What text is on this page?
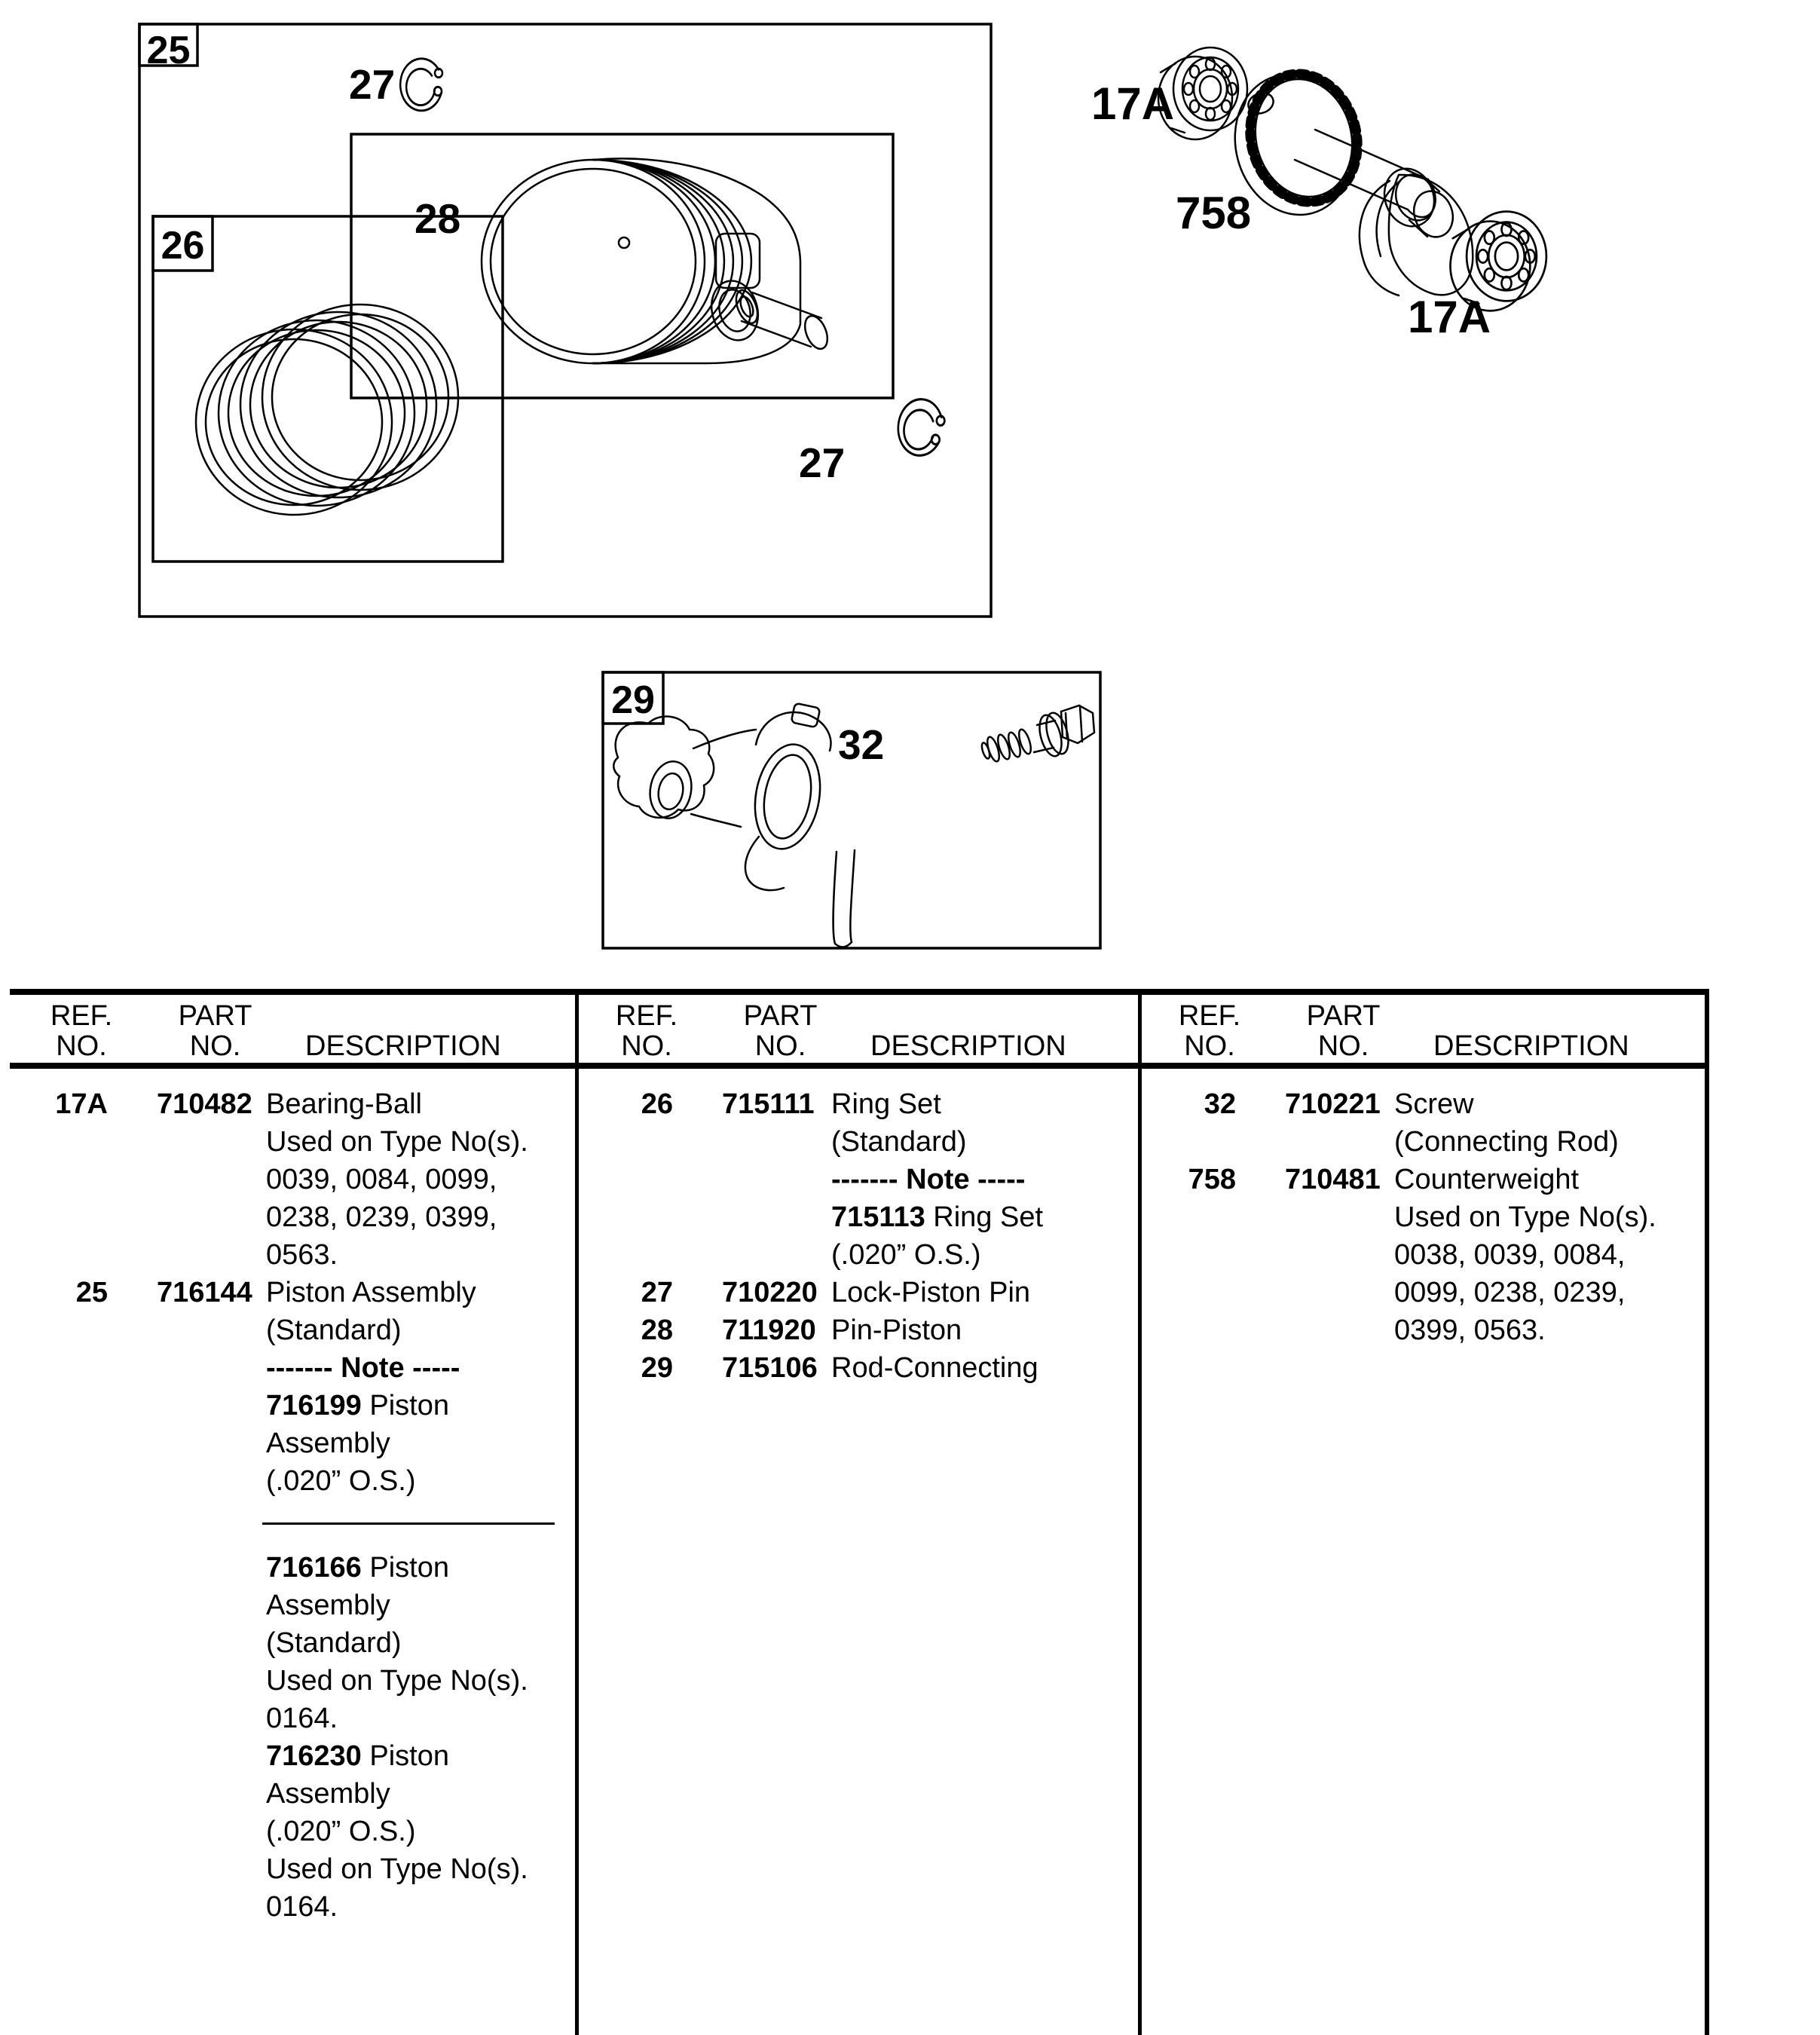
25
26
29
27
28
27
32
17A
758
17A
REF.
NO.
PART
NO.	DESCRIPTION
REF.
NO.
PART
NO.	DESCRIPTION
REF.
NO.
PART
NO.	DESCRIPTION
17A 710482 Bearing-Ball
Used on Type No(s).
0039, 0084, 0099,
0238, 0239, 0399,
0563.
25 716144 Piston Assembly
(Standard)
------- Note -----
716199 Piston
Assembly
(.020” O.S.)
716166 Piston
Assembly
(Standard)
Used on Type No(s).
0164.
716230 Piston
Assembly
(.020” O.S.)
Used on Type No(s).
0164.
26 715111 Ring Set
(Standard)
------- Note -----
715113 Ring Set
(.020” O.S.)
27 710220 Lock-Piston Pin
28 711920 Pin-Piston
29 715106 Rod-Connecting
32 710221 Screw
(Connecting Rod)
758 710481 Counterweight
Used on Type No(s).
0038, 0039, 0084,
0099, 0238, 0239,
0399, 0563.
